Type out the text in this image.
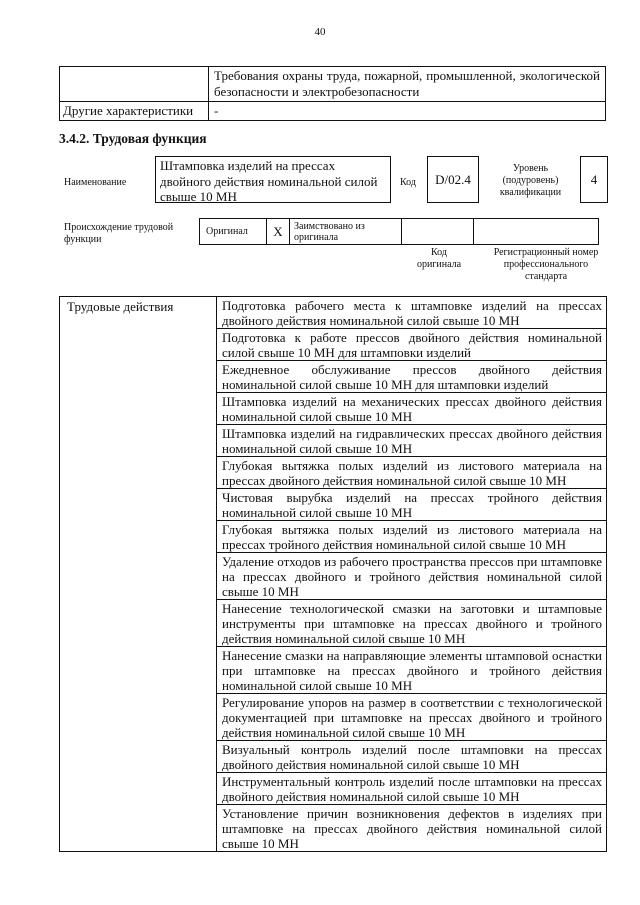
40
	Требования охраны труда, пожарной, промышленной, экологической безопасности и электробезопасности
Другие характеристики	-
3.4.2. Трудовая функция
Наименование
Штамповка изделий на прессах двойного действия номинальной силой свыше 10 МН
Код	D/02.4
Уровень (подуровень) квалификации
4
Происхождение трудовой функции
Оригинал	X	Заимствовано из оригинала		
Код оригинала
Регистрационный номер профессионального стандарта
Трудовые действия	Подготовка рабочего места к штамповке изделий на прессах двойного действия номинальной силой свыше 10 МН
Подготовка к работе прессов двойного действия номинальной силой свыше 10 МН для штамповки изделий
Ежедневное обслуживание прессов двойного действия номинальной силой свыше 10 МН для штамповки изделий
Штамповка изделий на механических прессах двойного действия номинальной силой свыше 10 МН
Штамповка изделий на гидравлических прессах двойного действия номинальной силой свыше 10 МН
Глубокая вытяжка полых изделий из листового материала на прессах двойного действия номинальной силой свыше 10 МН
Чистовая вырубка изделий на прессах тройного действия номинальной силой свыше 10 МН
Глубокая вытяжка полых изделий из листового материала на прессах тройного действия номинальной силой свыше 10 МН
Удаление отходов из рабочего пространства прессов при штамповке на прессах двойного и тройного действия номинальной силой свыше 10 МН
Нанесение технологической смазки на заготовки и штамповые инструменты при штамповке на прессах двойного и тройного действия номинальной силой свыше 10 МН
Нанесение смазки на направляющие элементы штамповой оснастки при штамповке на прессах двойного и тройного действия номинальной силой свыше 10 МН
Регулирование упоров на размер в соответствии с технологической документацией при штамповке на прессах двойного и тройного действия номинальной силой свыше 10 МН
Визуальный контроль изделий после штамповки на прессах двойного действия номинальной силой свыше 10 МН
Инструментальный контроль изделий после штамповки на прессах двойного действия номинальной силой свыше 10 МН
Установление причин возникновения дефектов в изделиях при штамповке на прессах двойного действия номинальной силой свыше 10 МН
